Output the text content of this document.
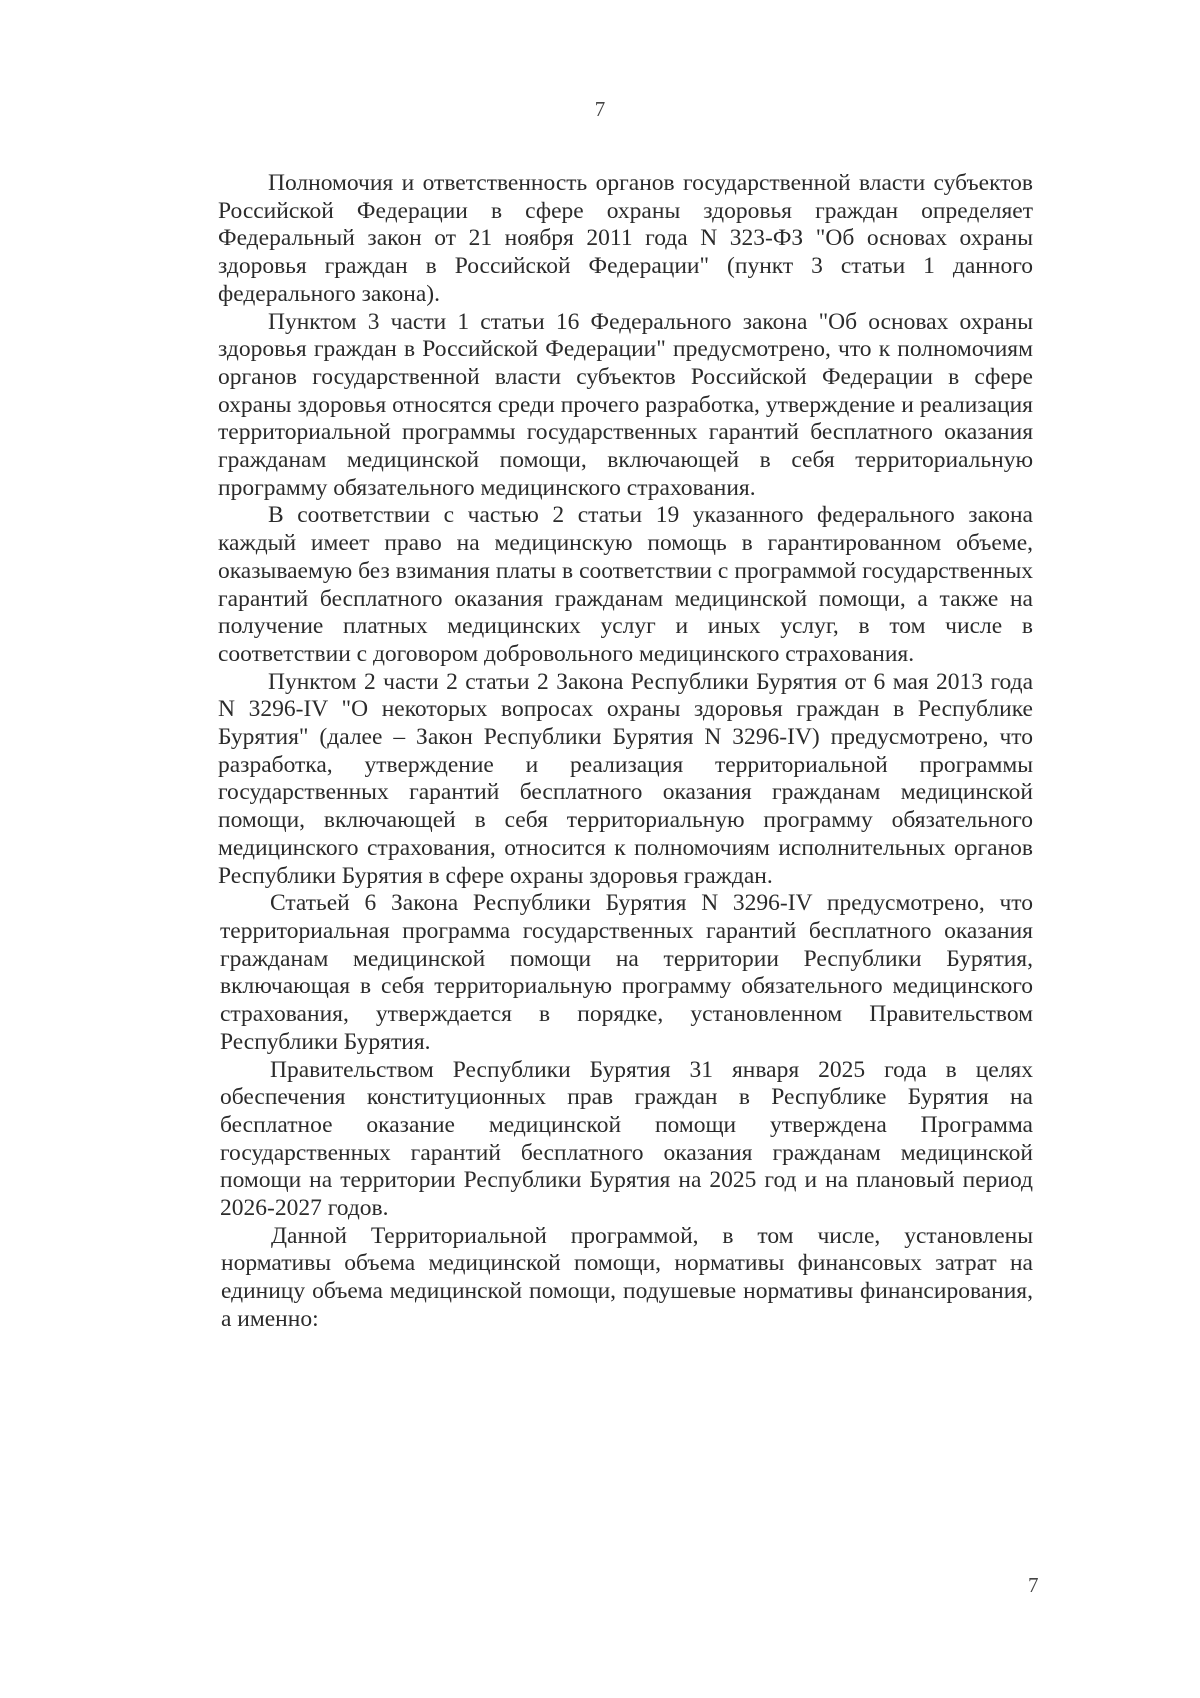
7

Полномочия и ответственность органов государственной власти субъектов Российской Федерации в сфере охраны здоровья граждан определяет Федеральный закон от 21 ноября 2011 года N 323-ФЗ "Об основах охраны здоровья граждан в Российской Федерации" (пункт 3 статьи 1 данного федерального закона).

Пунктом 3 части 1 статьи 16 Федерального закона "Об основах охраны здоровья граждан в Российской Федерации" предусмотрено, что к полномочиям органов государственной власти субъектов Российской Федерации в сфере охраны здоровья относятся среди прочего разработка, утверждение и реализация территориальной программы государственных гарантий бесплатного оказания гражданам медицинской помощи, включающей в себя территориальную программу обязательного медицинского страхования.

В соответствии с частью 2 статьи 19 указанного федерального закона каждый имеет право на медицинскую помощь в гарантированном объеме, оказываемую без взимания платы в соответствии с программой государственных гарантий бесплатного оказания гражданам медицинской помощи, а также на получение платных медицинских услуг и иных услуг, в том числе в соответствии с договором добровольного медицинского страхования.

Пунктом 2 части 2 статьи 2 Закона Республики Бурятия от 6 мая 2013 года N 3296-IV "О некоторых вопросах охраны здоровья граждан в Республике Бурятия" (далее – Закон Республики Бурятия N 3296-IV) предусмотрено, что разработка, утверждение и реализация территориальной программы государственных гарантий бесплатного оказания гражданам медицинской помощи, включающей в себя территориальную программу обязательного медицинского страхования, относится к полномочиям исполнительных органов Республики Бурятия в сфере охраны здоровья граждан.

Статьей 6 Закона Республики Бурятия N 3296-IV предусмотрено, что территориальная программа государственных гарантий бесплатного оказания гражданам медицинской помощи на территории Республики Бурятия, включающая в себя территориальную программу обязательного медицинского страхования, утверждается в порядке, установленном Правительством Республики Бурятия.

Правительством Республики Бурятия 31 января 2025 года в целях обеспечения конституционных прав граждан в Республике Бурятия на бесплатное оказание медицинской помощи утверждена Программа государственных гарантий бесплатного оказания гражданам медицинской помощи на территории Республики Бурятия на 2025 год и на плановый период 2026-2027 годов.

Данной Территориальной программой, в том числе, установлены нормативы объема медицинской помощи, нормативы финансовых затрат на единицу объема медицинской помощи, подушевые нормативы финансирования, а именно:

7
